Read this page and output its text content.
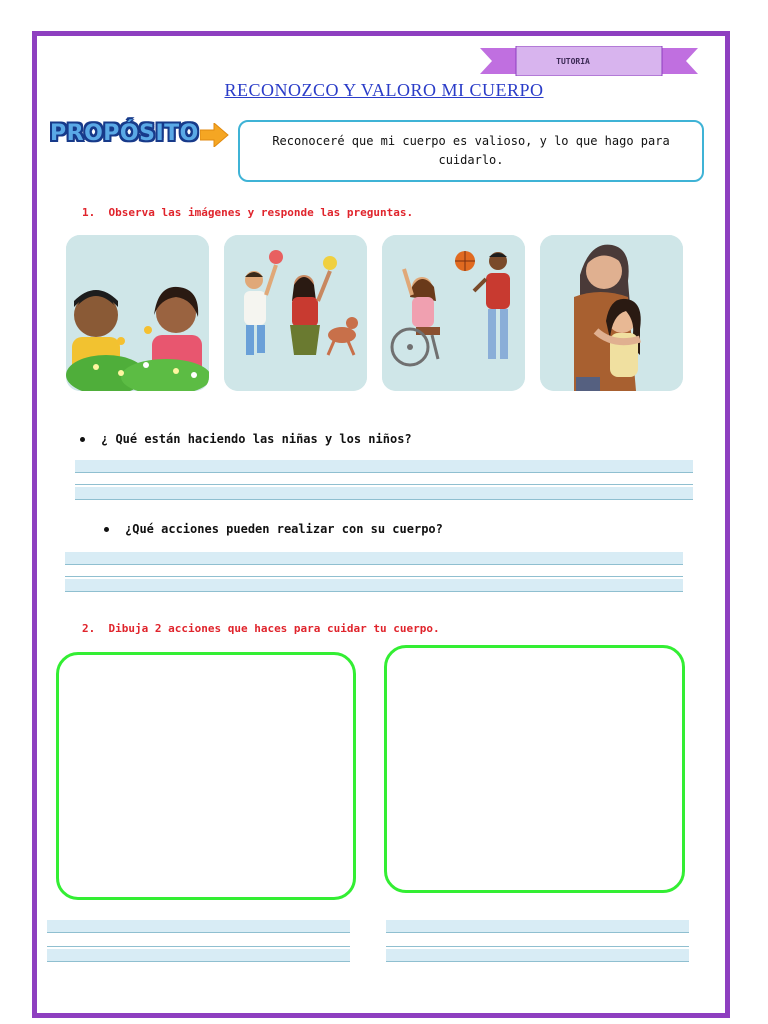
TUTORIA
RECONOZCO Y VALORO MI CUERPO
PROPÓSITO	Reconoceré que mi cuerpo es valioso, y lo que hago para cuidarlo.
1. Observa las imágenes y responde las preguntas.
¿ Qué están haciendo las niñas y los niños?
¿Qué acciones pueden realizar con su cuerpo?
2. Dibuja 2 acciones que haces para cuidar tu cuerpo.
